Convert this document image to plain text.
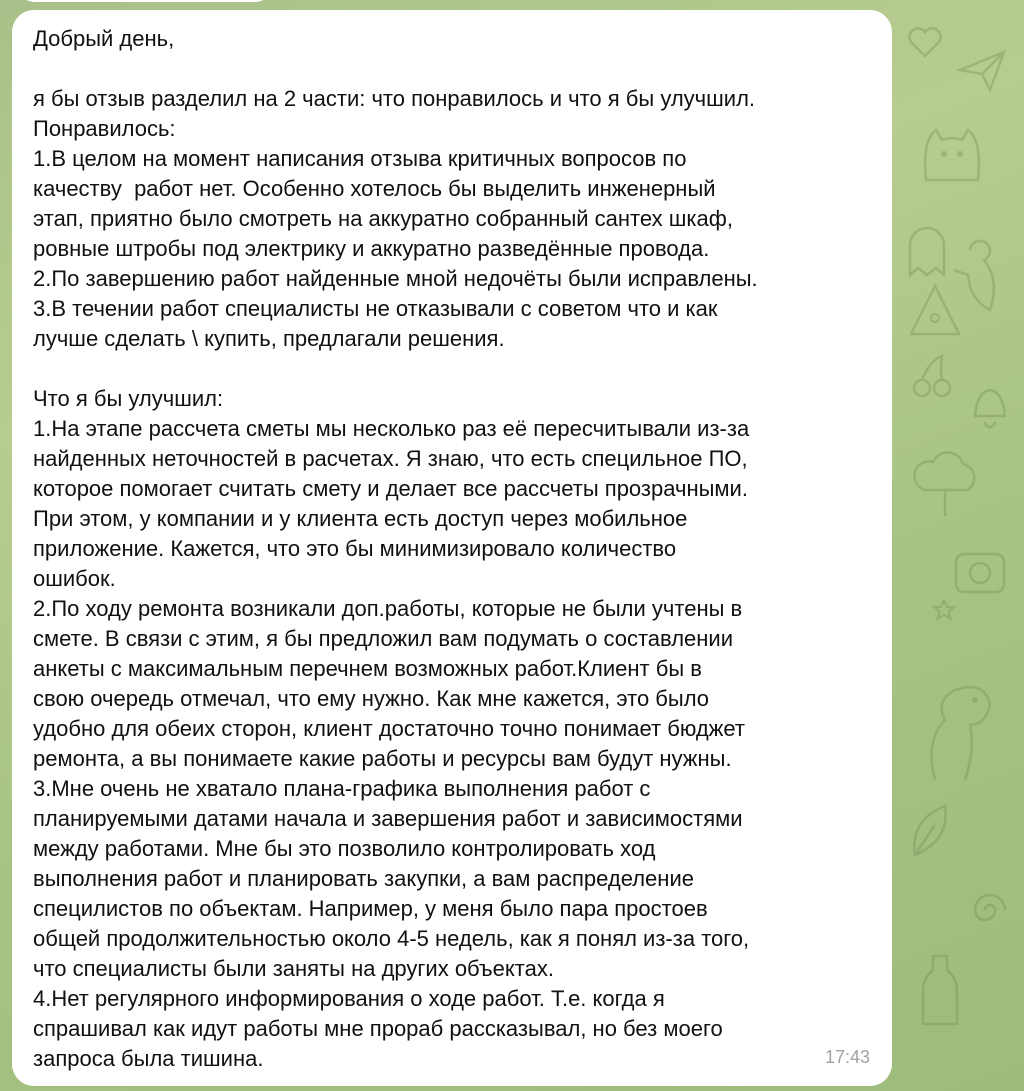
Добрый день,

я бы отзыв разделил на 2 части: что понравилось и что я бы улучшил.
Понравилось:
1.В целом на момент написания отзыва критичных вопросов по
качеству  работ нет. Особенно хотелось бы выделить инженерный
этап, приятно было смотреть на аккуратно собранный сантех шкаф,
ровные штробы под электрику и аккуратно разведённые провода.
2.По завершению работ найденные мной недочёты были исправлены.
3.В течении работ специалисты не отказывали с советом что и как
лучше сделать \ купить, предлагали решения.

Что я бы улучшил:
1.На этапе рассчета сметы мы несколько раз её пересчитывали из-за
найденных неточностей в расчетах. Я знаю, что есть специльное ПО,
которое помогает считать смету и делает все рассчеты прозрачными.
При этом, у компании и у клиента есть доступ через мобильное
приложение. Кажется, что это бы минимизировало количество
ошибок.
2.По ходу ремонта возникали доп.работы, которые не были учтены в
смете. В связи с этим, я бы предложил вам подумать о составлении
анкеты с максимальным перечнем возможных работ.Клиент бы в
свою очередь отмечал, что ему нужно. Как мне кажется, это было
удобно для обеих сторон, клиент достаточно точно понимает бюджет
ремонта, а вы понимаете какие работы и ресурсы вам будут нужны.
3.Мне очень не хватало плана-графика выполнения работ с
планируемыми датами начала и завершения работ и зависимостями
между работами. Мне бы это позволило контролировать ход
выполнения работ и планировать закупки, а вам распределение
специлистов по объектам. Например, у меня было пара простоев
общей продолжительностью около 4-5 недель, как я понял из-за того,
что специалисты были заняты на других объектах.
4.Нет регулярного информирования о ходе работ. Т.е. когда я
спрашивал как идут работы мне прораб рассказывал, но без моего
запроса была тишина.	17:43
